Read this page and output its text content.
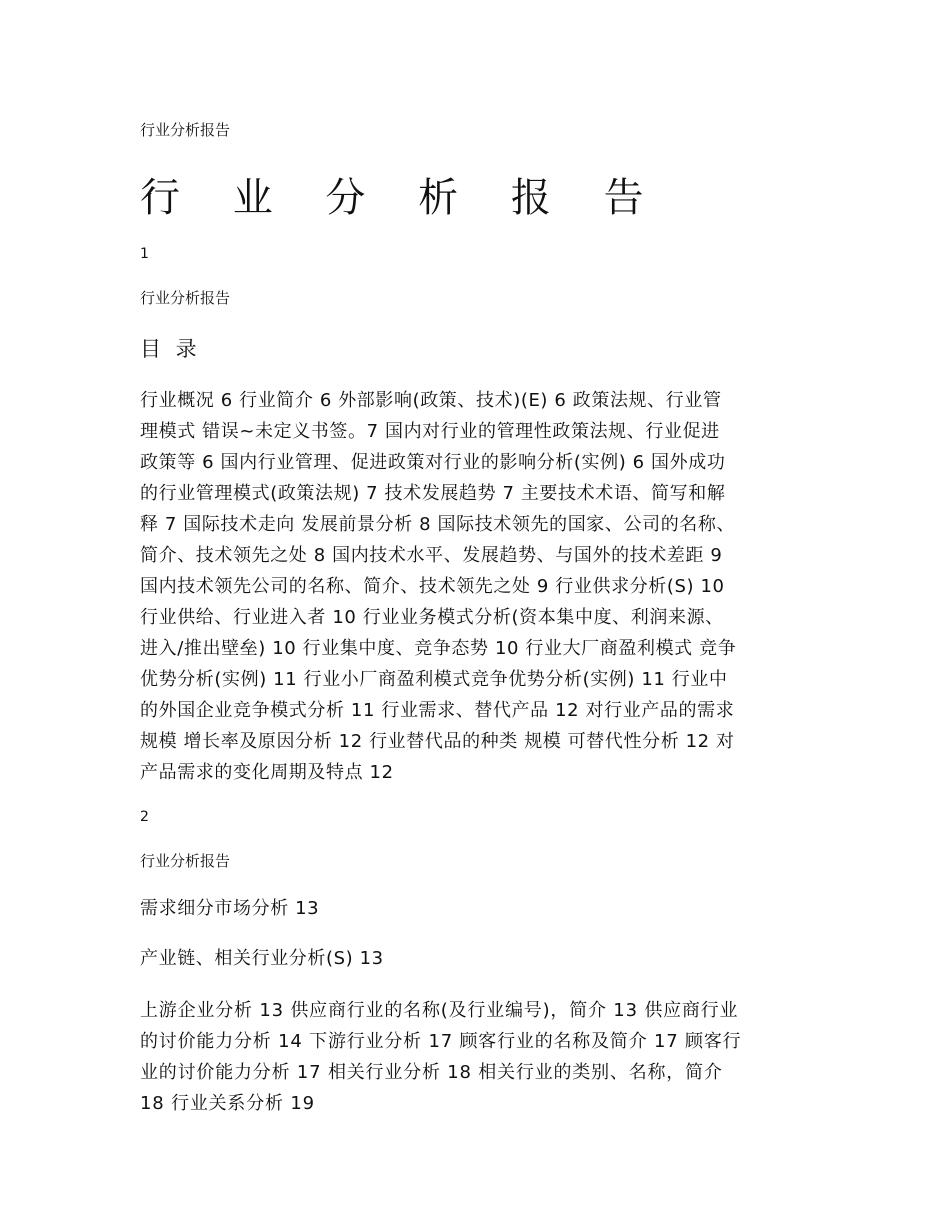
行业分析报告
行 业 分 析 报 告
1
行业分析报告
目 录
行业概况 6 行业简介 6 外部影响(政策、技术)(E) 6 政策法规、行业管
理模式 错误~未定义书签。7 国内对行业的管理性政策法规、行业促进
政策等 6 国内行业管理、促进政策对行业的影响分析(实例) 6 国外成功
的行业管理模式(政策法规) 7 技术发展趋势 7 主要技术术语、简写和解
释 7 国际技术走向 发展前景分析 8 国际技术领先的国家、公司的名称、
简介、技术领先之处 8 国内技术水平、发展趋势、与国外的技术差距 9
国内技术领先公司的名称、简介、技术领先之处 9 行业供求分析(S) 10
行业供给、行业进入者 10 行业业务模式分析(资本集中度、利润来源、
进入/推出壁垒) 10 行业集中度、竞争态势 10 行业大厂商盈利模式 竞争
优势分析(实例) 11 行业小厂商盈利模式竞争优势分析(实例) 11 行业中
的外国企业竞争模式分析 11 行业需求、替代产品 12 对行业产品的需求
规模 增长率及原因分析 12 行业替代品的种类 规模 可替代性分析 12 对
产品需求的变化周期及特点 12
2
行业分析报告
需求细分市场分析 13
产业链、相关行业分析(S) 13
上游企业分析 13 供应商行业的名称(及行业编号)，简介 13 供应商行业
的讨价能力分析 14 下游行业分析 17 顾客行业的名称及简介 17 顾客行
业的讨价能力分析 17 相关行业分析 18 相关行业的类别、名称，简介
18 行业关系分析 19
